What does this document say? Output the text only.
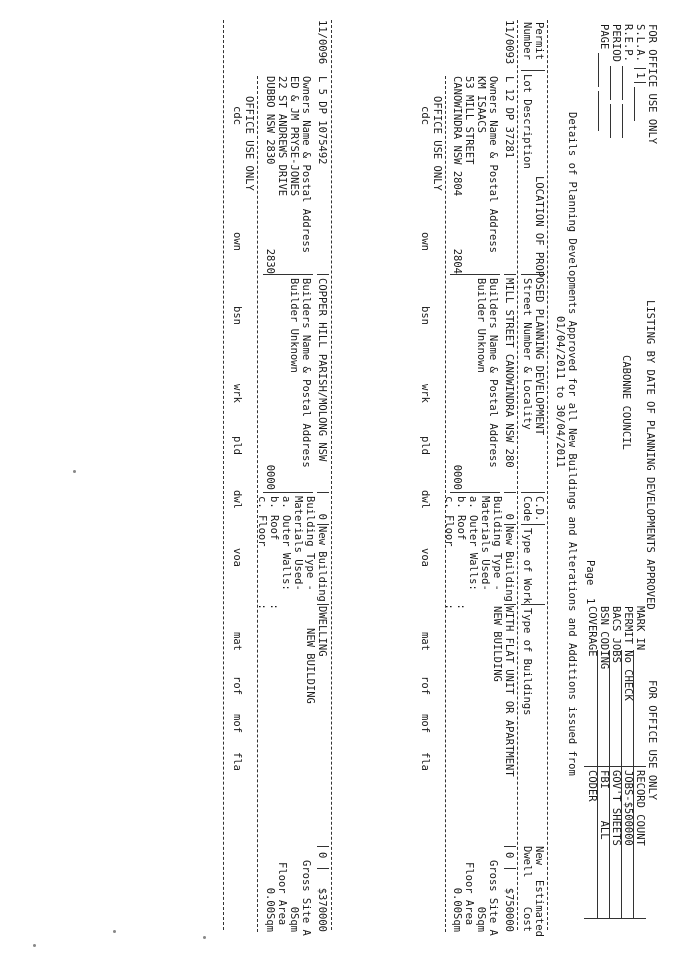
FOR OFFICE USE ONLY
S.L.A. 1
R.E.P.
PERIOD
PAGE
LISTING BY DATE OF PLANNING DEVELOPMENTS APPROVED
CABONNE COUNCIL
Page  1
Details of Planning Developments Approved for all New Buildings and Alterations and Additions issued from
01/04/2011 to 30/04/2011
FOR OFFICE USE ONLY
MARK IN
PERMIT No CHECK
BACS JOBS
BSN CODING
COVERAGE
RECORD COUNT
JOBS-$500000
GOV'T SHEETS
FBI     ALL
CODER
Permit
Number
Lot Description
LOCATION OF PROPOSED PLANNING DEVELOPMENT
Street Number & Locality
C.D.
Code
Type of Work
Type of Buildings
New
Dwell
Estimated
Cost
11/0093
L 12 DP 37281
MILL STREET CANOWINDRA NSW 280
0
New Building
WITH FLAT UNIT OR APARTMENT
NEW BUILDING
0
$750000
Owners Name & Postal Address
KM ISAACS
53 MILL STREET
CANOWINDRA NSW 2804
2804
Builders Name & Postal Address
Builder Unknown
0000
Building Type -
Materials Used-
a. Outer Walls:
b. Roof          :
c. Floor         :
Gross Site A
0Sqm
Floor Area
0.00Sqm
OFFICE USE ONLY
cdc
own
bsn
wrk
pld
dwl
voa
mat
rof
mof
fla
11/0096
L 5 DP 1075492
COPPER HILL PARISH/MOLONG NSW
0
New Building
DWELLING
NEW BUILDING
0
$370000
Owners Name & Postal Address
ED & JM PRYSE-JONES
22 ST ANDREWS DRIVE
DUBBO NSW 2830
2830
Builders Name & Postal Address
Builder Unknown
0000
Building Type -
Materials Used-
a. Outer Walls:
b. Roof          :
c. Floor         :
Gross Site A
0Sqm
Floor Area
0.00Sqm
OFFICE USE ONLY
cdc
own
bsn
wrk
pld
dwl
voa
mat
rof
mof
fla
